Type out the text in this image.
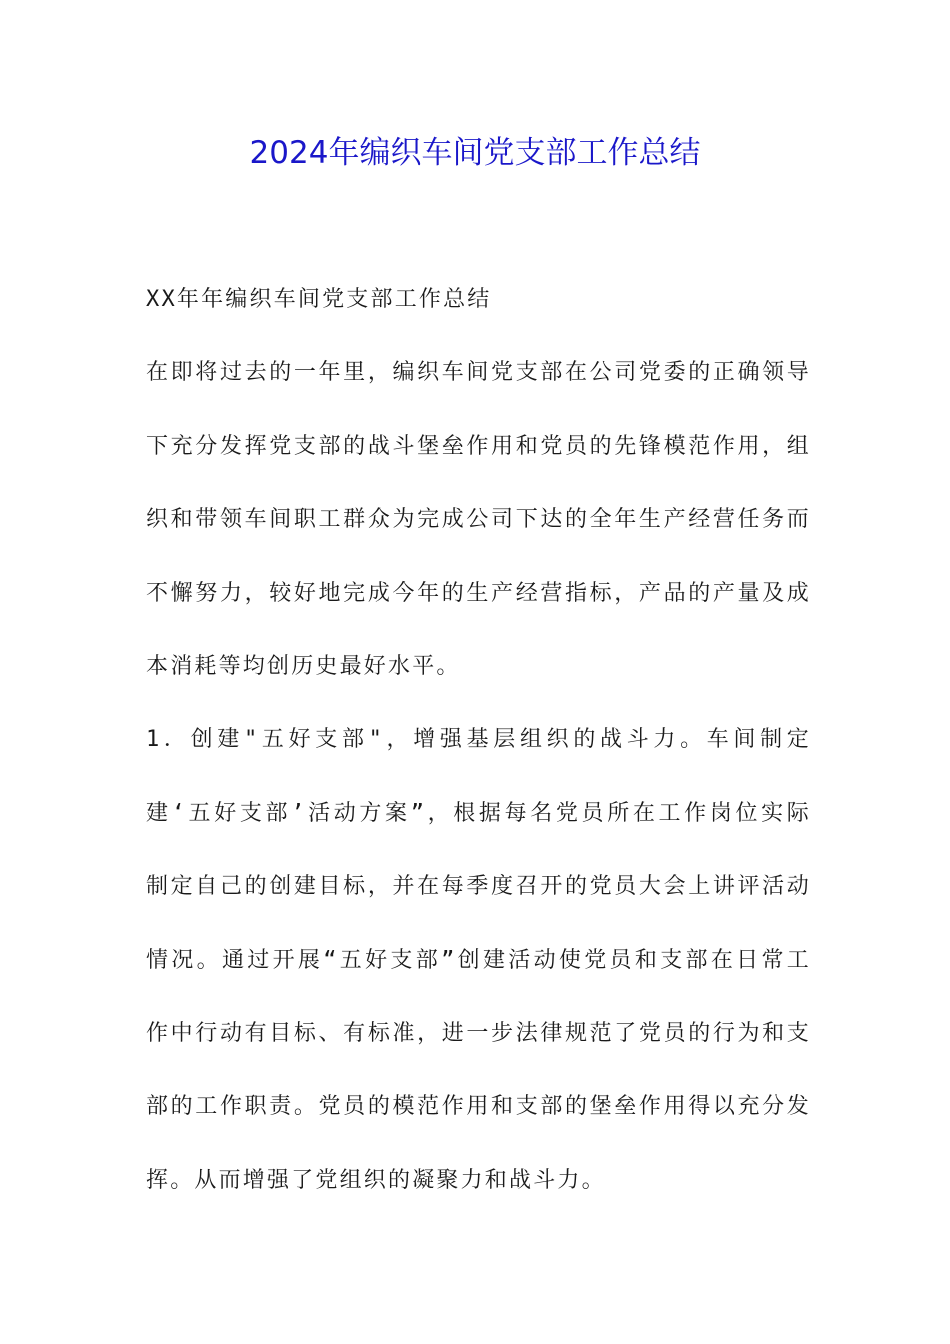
2024年编织车间党支部工作总结
XX年年编织车间党支部工作总结
在即将过去的一年里，编织车间党支部在公司党委的正确领导
下充分发挥党支部的战斗堡垒作用和党员的先锋模范作用，组
织和带领车间职工群众为完成公司下达的全年生产经营任务而
不懈努力，较好地完成今年的生产经营指标，产品的产量及成
本消耗等均创历史最好水平。
1．创建"五好支部"，增强基层组织的战斗力。车间制定
建‘五好支部’活动方案”，根据每名党员所在工作岗位实际
制定自己的创建目标，并在每季度召开的党员大会上讲评活动
情况。通过开展“五好支部”创建活动使党员和支部在日常工
作中行动有目标、有标准，进一步法律规范了党员的行为和支
部的工作职责。党员的模范作用和支部的堡垒作用得以充分发
挥。从而增强了党组织的凝聚力和战斗力。
